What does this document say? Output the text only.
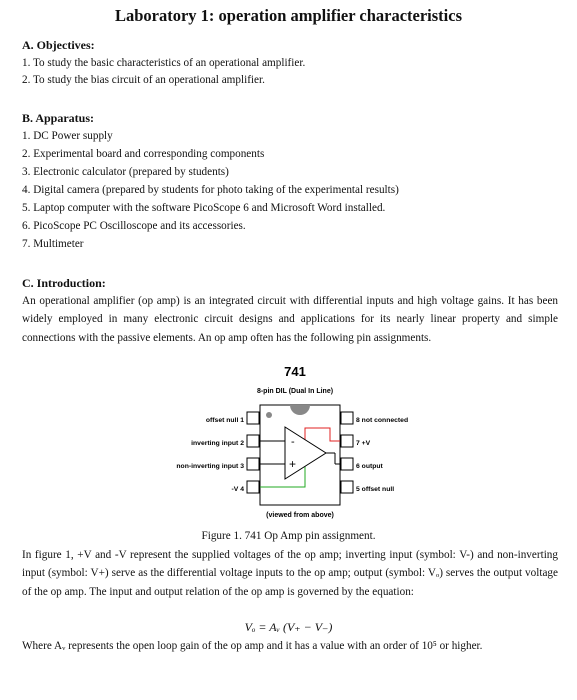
Laboratory 1: operation amplifier characteristics
A. Objectives:
1. To study the basic characteristics of an operational amplifier.
2. To study the bias circuit of an operational amplifier.
B. Apparatus:
1. DC Power supply
2. Experimental board and corresponding components
3. Electronic calculator (prepared by students)
4. Digital camera (prepared by students for photo taking of the experimental results)
5. Laptop computer with the software PicoScope 6 and Microsoft Word installed.
6. PicoScope PC Oscilloscope and its accessories.
7. Multimeter
C. Introduction:
An operational amplifier (op amp) is an integrated circuit with differential inputs and high voltage gains. It has been widely employed in many electronic circuit designs and applications for its nearly linear property and simple connections with the passive elements. An op amp often has the following pin assignments.
741
8-pin DIL (Dual In Line)
-
+
offset null 1
inverting input 2
non-inverting input 3
-V 4
8 not connected
7 +V
6 output
5 offset null
(viewed from above)
Figure 1. 741 Op Amp pin assignment.
In figure 1, +V and -V represent the supplied voltages of the op amp; inverting input (symbol: V-) and non-inverting input (symbol: V+) serve as the differential voltage inputs to the op amp; output (symbol: Vₒ) serves the output voltage of the op amp. The input and output relation of the op amp is governed by the equation:
Vₒ = Aᵥ (V₊ − V₋)
Where Aᵥ represents the open loop gain of the op amp and it has a value with an order of 10⁵ or higher.
